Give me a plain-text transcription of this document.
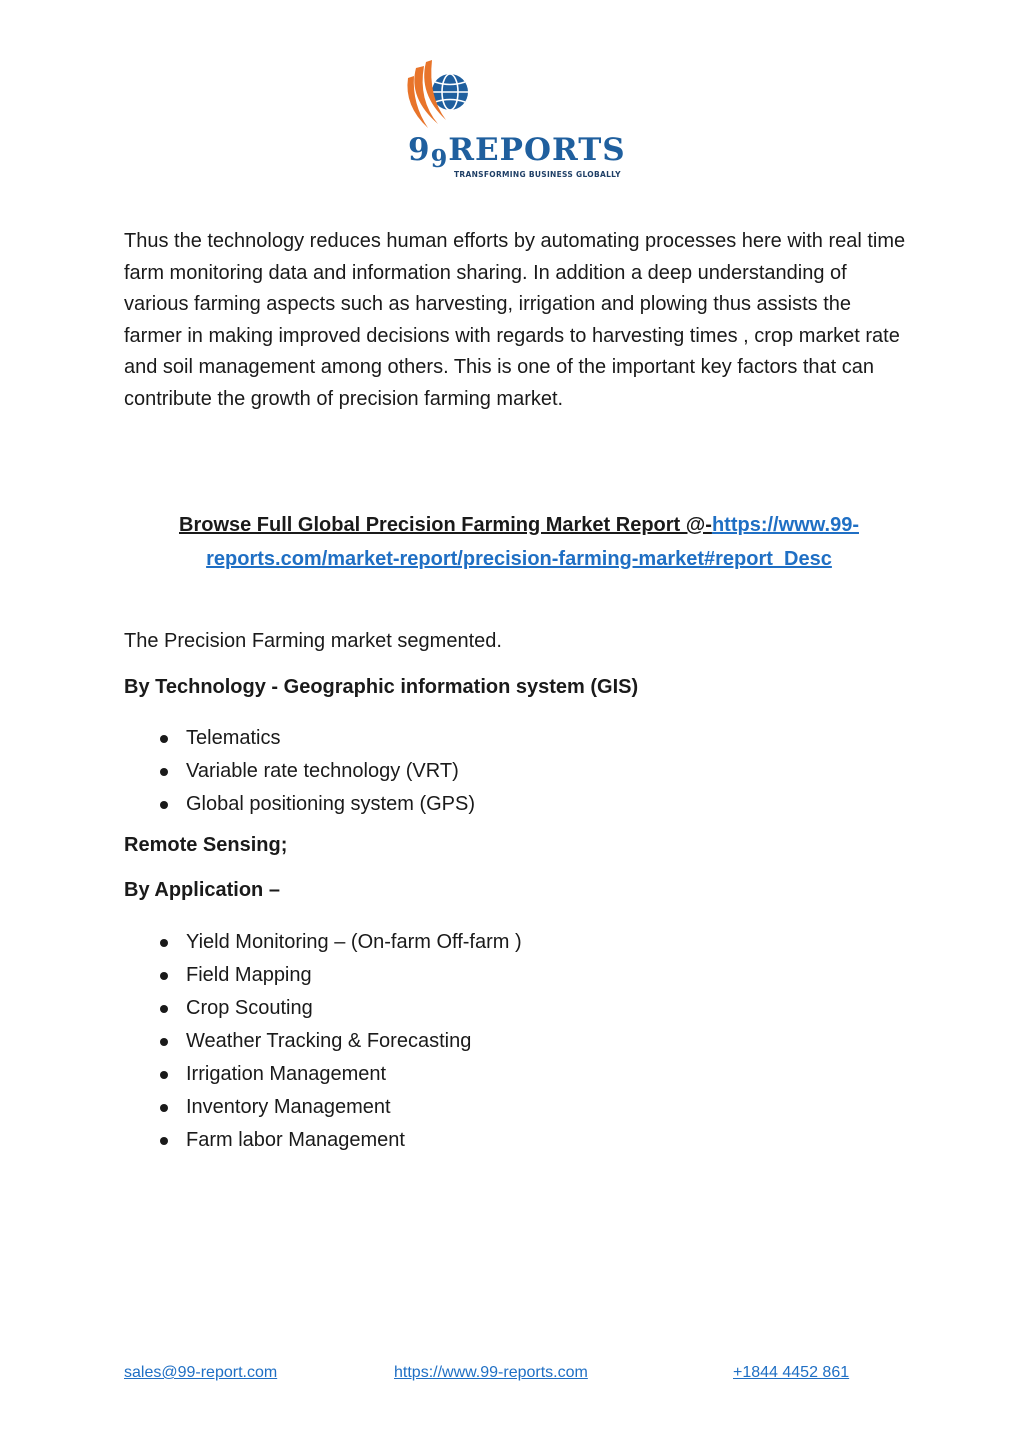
$9_9REPORTS$
TRANSFORMING BUSINESS GLOBALLY

Thus the technology reduces human efforts by automating processes here with real time farm monitoring data and information sharing. In addition a deep understanding of various farming aspects such as harvesting, irrigation and plowing thus assists the farmer in making improved decisions with regards to harvesting times , crop market rate and soil management among others. This is one of the important key factors that can contribute the growth of precision farming market.

Browse Full Global Precision Farming Market Report @-https://www.99-reports.com/market-report/precision-farming-market#report_Desc

The Precision Farming market segmented.

By Technology - Geographic information system (GIS)

Telematics
Variable rate technology (VRT)
Global positioning system (GPS)

Remote Sensing;

By Application –

Yield Monitoring – (On-farm Off-farm )
Field Mapping
Crop Scouting
Weather Tracking & Forecasting
Irrigation Management
Inventory Management
Farm labor Management
sales@99-report.com	https://www.99-reports.com	+1844 4452 861
